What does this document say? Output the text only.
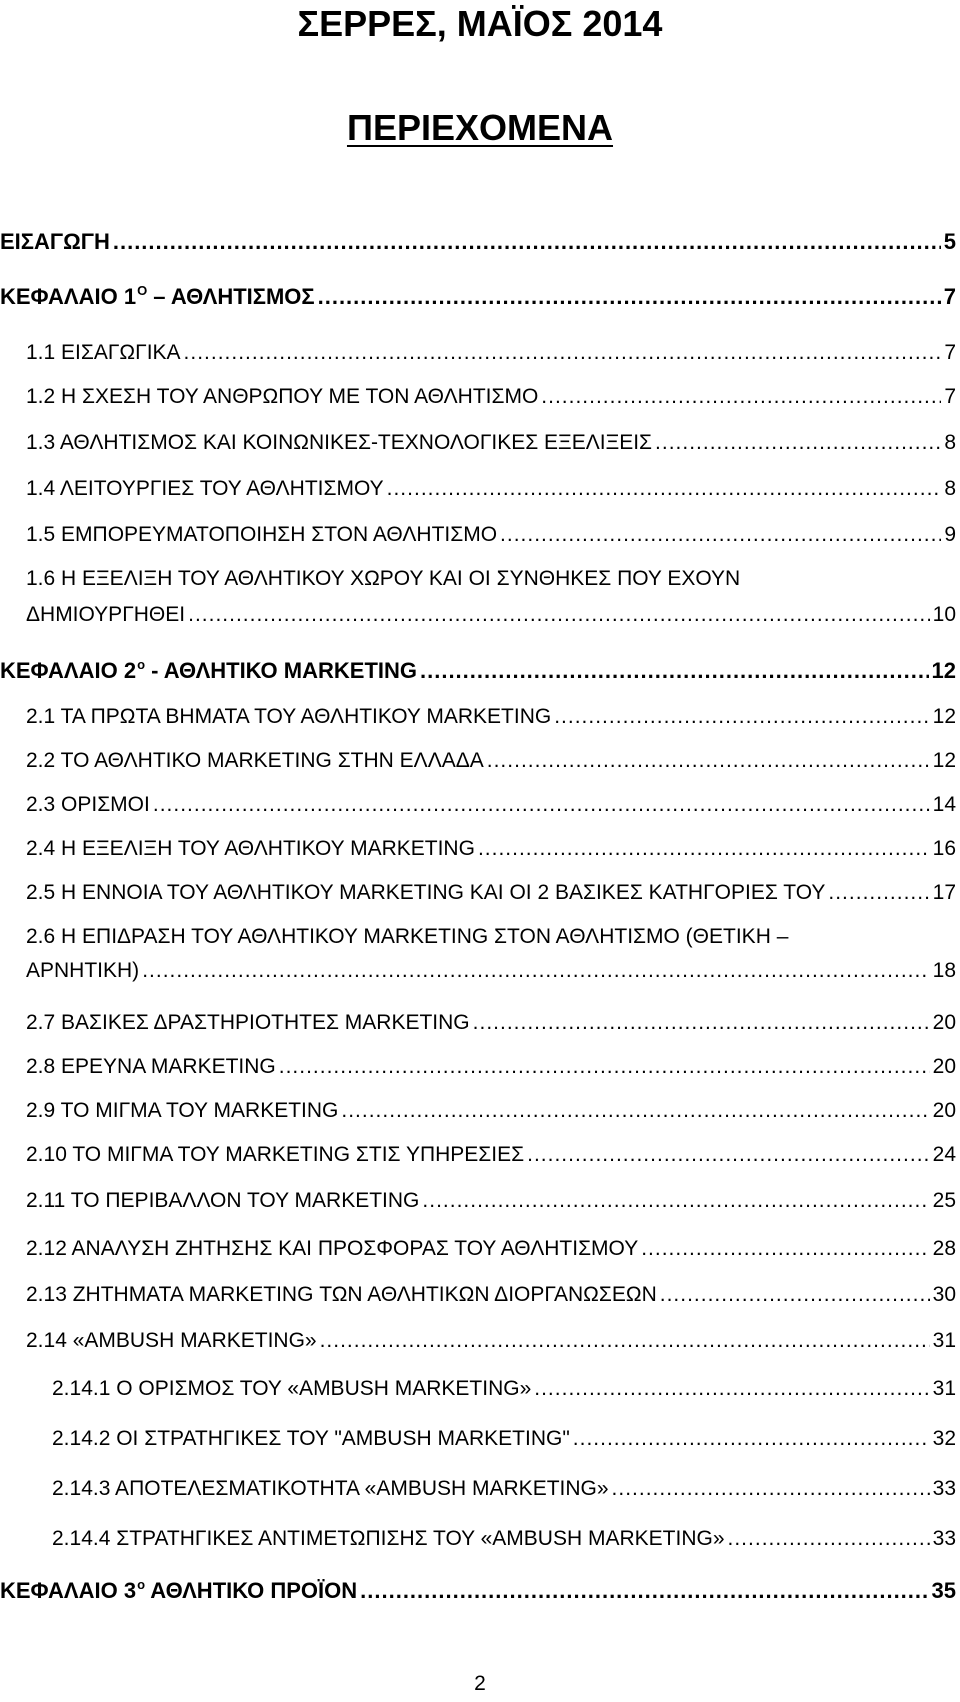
ΣΕΡΡΕΣ, ΜΑΪΟΣ 2014
ΠΕΡΙΕΧΟΜΕΝΑ
ΕΙΣΑΓΩΓΗ .....	5
ΚΕΦΑΛΑΙΟ $1^O$ – ΑΘΛΗΤΙΣΜΟΣ .....	7
1.1 ΕΙΣΑΓΩΓΙΚΑ .....	7
1.2 Η ΣΧΕΣΗ ΤΟΥ ΑΝΘΡΩΠΟΥ ΜΕ ΤΟΝ ΑΘΛΗΤΙΣΜΟ .....	7
1.3 ΑΘΛΗΤΙΣΜΟΣ ΚΑΙ ΚΟΙΝΩΝΙΚΕΣ-ΤΕΧΝΟΛΟΓΙΚΕΣ ΕΞΕΛΙΞΕΙΣ .....	8
1.4 ΛΕΙΤΟΥΡΓΙΕΣ ΤΟΥ ΑΘΛΗΤΙΣΜΟΥ .....	8
1.5 ΕΜΠΟΡΕΥΜΑΤΟΠΟΙΗΣΗ ΣΤΟΝ ΑΘΛΗΤΙΣΜΟ .....	9
1.6 Η ΕΞΕΛΙΞΗ ΤΟΥ ΑΘΛΗΤΙΚΟΥ ΧΩΡΟΥ ΚΑΙ ΟΙ ΣΥΝΘΗΚΕΣ ΠΟΥ ΕΧΟΥΝ
ΔΗΜΙΟΥΡΓΗΘΕΙ .....	10
ΚΕΦΑΛΑΙΟ $2^o$ - ΑΘΛΗΤΙΚΟ MARKETING .....	12
2.1 ΤΑ ΠΡΩΤΑ ΒΗΜΑΤΑ ΤΟΥ ΑΘΛΗΤΙΚΟΥ MARKETING .....	12
2.2 ΤΟ ΑΘΛΗΤΙΚΟ MARKETING ΣΤΗΝ ΕΛΛΑΔΑ .....	12
2.3 ΟΡΙΣΜΟΙ .....	14
2.4 Η ΕΞΕΛΙΞΗ ΤΟΥ ΑΘΛΗΤΙΚΟΥ MARKETING .....	16
2.5 Η ΕΝΝΟΙΑ ΤΟΥ ΑΘΛΗΤΙΚΟΥ MARKETING ΚΑΙ ΟΙ 2 ΒΑΣΙΚΕΣ ΚΑΤΗΓΟΡΙΕΣ ΤΟΥ .....	17
2.6 Η ΕΠΙΔΡΑΣΗ ΤΟΥ ΑΘΛΗΤΙΚΟΥ MARKETING ΣΤΟΝ ΑΘΛΗΤΙΣΜΟ (ΘΕΤΙΚΗ –
ΑΡΝΗΤΙΚΗ) .....	18
2.7 ΒΑΣΙΚΕΣ ΔΡΑΣΤΗΡΙΟΤΗΤΕΣ MARKETING .....	20
2.8 ΕΡΕΥΝΑ MARKETING .....	20
2.9 ΤΟ ΜΙΓΜΑ ΤΟΥ MARKETING .....	20
2.10 ΤΟ ΜΙΓΜΑ ΤΟΥ MARKETING ΣΤΙΣ ΥΠΗΡΕΣΙΕΣ .....	24
2.11 ΤΟ ΠΕΡΙΒΑΛΛΟΝ ΤΟΥ MARKETING .....	25
2.12 ΑΝΑΛΥΣΗ ΖΗΤΗΣΗΣ ΚΑΙ ΠΡΟΣΦΟΡΑΣ ΤΟΥ ΑΘΛΗΤΙΣΜΟΥ .....	28
2.13 ΖΗΤΗΜΑΤΑ MARKETING ΤΩΝ ΑΘΛΗΤΙΚΩΝ ΔΙΟΡΓΑΝΩΣΕΩΝ .....	30
2.14 «AMBUSH MARKETING» .....	31
2.14.1 Ο ΟΡΙΣΜΟΣ ΤΟΥ «AMBUSH MARKETING» .....	31
2.14.2 ΟΙ ΣΤΡΑΤΗΓΙΚΕΣ ΤΟΥ "AMBUSH MARKETING" .....	32
2.14.3 ΑΠΟΤΕΛΕΣΜΑΤΙΚΟΤΗΤΑ «AMBUSH MARKETING» .....	33
2.14.4 ΣΤΡΑΤΗΓΙΚΕΣ ΑΝΤΙΜΕΤΩΠΙΣΗΣ ΤΟΥ «AMBUSH MARKETING» .....	33
ΚΕΦΑΛΑΙΟ $3^o$ ΑΘΛΗΤΙΚΟ ΠΡΟΪΟΝ .....	35
2
